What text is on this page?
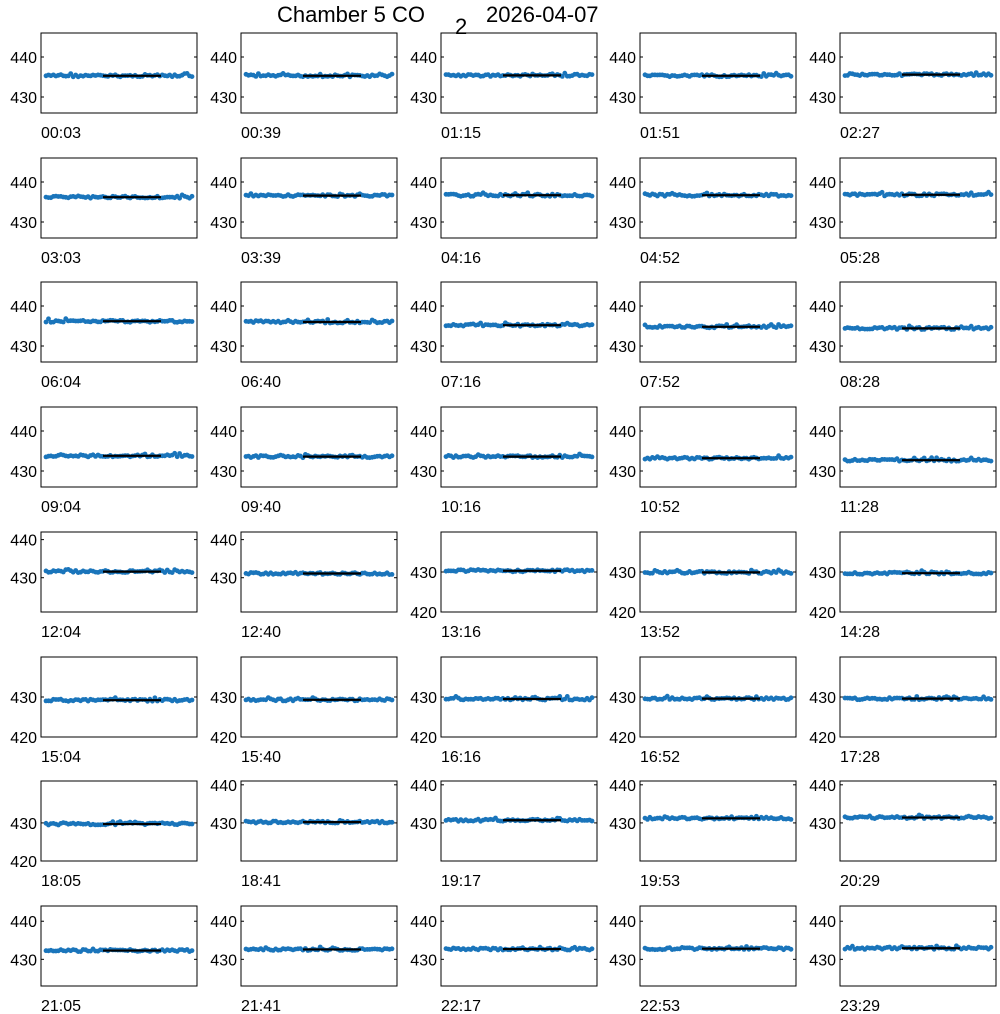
Chamber 5 CO 2 2026-04-07
430
440
00:03
430
440
00:39
430
440
01:15
430
440
01:51
430
440
02:27
430
440
03:03
430
440
03:39
430
440
04:16
430
440
04:52
430
440
05:28
430
440
06:04
430
440
06:40
430
440
07:16
430
440
07:52
430
440
08:28
430
440
09:04
430
440
09:40
430
440
10:16
430
440
10:52
430
440
11:28
430
440
12:04
430
440
12:40
420
430
13:16
420
430
13:52
420
430
14:28
420
430
15:04
420
430
15:40
420
430
16:16
420
430
16:52
420
430
17:28
420
430
18:05
430
440
18:41
430
440
19:17
430
440
19:53
430
440
20:29
430
440
21:05
430
440
21:41
430
440
22:17
430
440
22:53
430
440
23:29
